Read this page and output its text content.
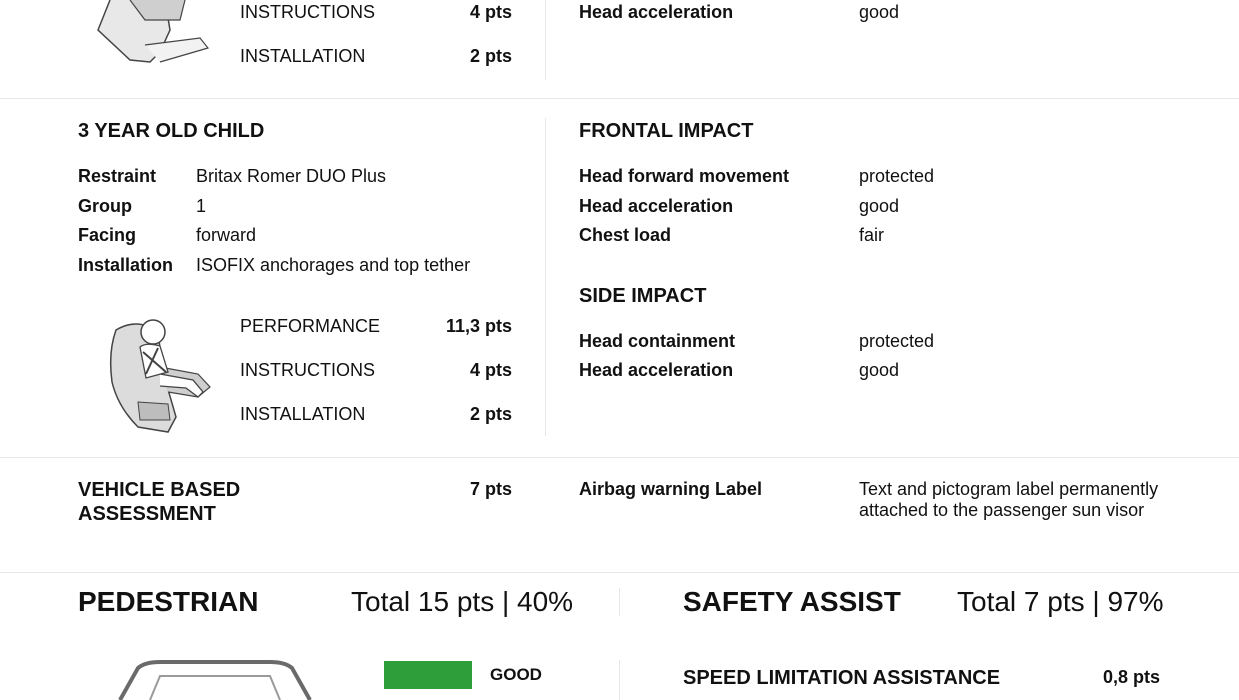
INSTRUCTIONS	4 pts
INSTALLATION	2 pts
Head acceleration	good
3 YEAR OLD CHILD
Restraint Britax Romer DUO Plus
Group	1
Facing	forward
Installation ISOFIX anchorages and top tether
PERFORMANCE	11,3 pts
INSTRUCTIONS	4 pts
INSTALLATION	2 pts
FRONTAL IMPACT
Head forward movement	protected
Head acceleration	good
Chest load	fair
SIDE IMPACT
Head containment	protected
Head acceleration	good
VEHICLE BASED
ASSESSMENT
7 pts	Airbag warning Label	Text and pictogram label permanently
attached to the passenger sun visor
PEDESTRIAN	Total 15 pts | 40%	SAFETY ASSIST Total 7 pts | 97%
GOOD	SPEED LIMITATION ASSISTANCE	0,8 pts
